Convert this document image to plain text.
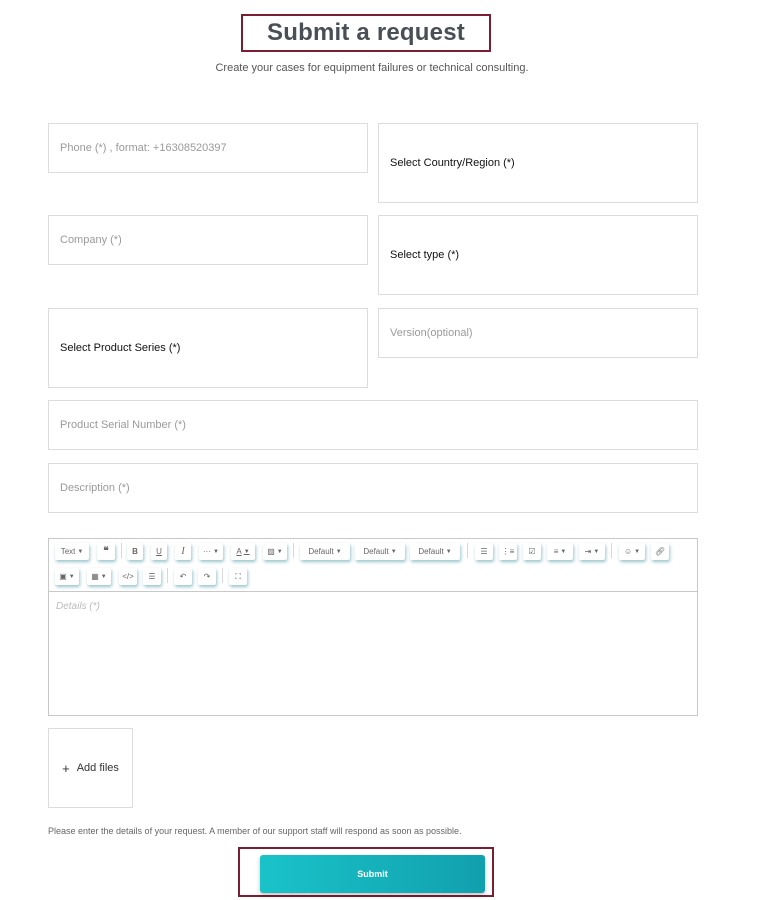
Submit a request
Create your cases for equipment failures or technical consulting.
Phone (*) , format: +16308520397
Select Country/Region (*)
Company (*)
Select type (*)
Select Product Series (*)
Version(optional)
Product Serial Number (*)
Description (*)
Text ▼	❝	B	U	I	··· ▼	A ▼	▨ ▼	Default ▼	Default ▼	Default ▼	☰	⋮≡	☑	≡ ▼	⇥ ▼	☺ ▼	🔗︎
▣ ▼	▦ ▼	</>	☰	↶	↷	⛶
Details (*)
+ Add files
Please enter the details of your request. A member of our support staff will respond as soon as possible.
Submit
